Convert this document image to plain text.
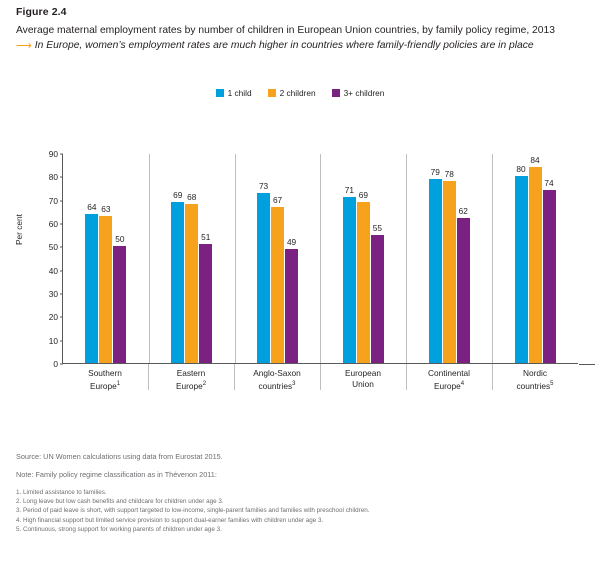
Figure 2.4
Average maternal employment rates by number of children in European Union countries, by family policy regime, 2013
⟶ In Europe, women’s employment rates are much higher in countries where family-friendly policies are in place
1 child	2 children	3+ children
Per cent
64 63
50
69 68
51
73
67
49
71 69
55
79 78
62
80
84
74
0
10
20
30
40
50
60
70
80
90
Southern
Europe$^1$
Eastern
Europe$^2$
Anglo-Saxon
countries$^3$
European
Union
Continental
Europe$^4$
Nordic
countries$^5$
Source: UN Women calculations using data from Eurostat 2015.
Note: Family policy regime classification as in Thévenon 2011:
1. Limited assistance to families.
2. Long leave but low cash benefits and childcare for children under age 3.
3. Period of paid leave is short, with support targeted to low-income, single-parent families and families with preschool children.
4. High financial support but limited service provision to support dual-earner families with children under age 3.
5. Continuous, strong support for working parents of children under age 3.
